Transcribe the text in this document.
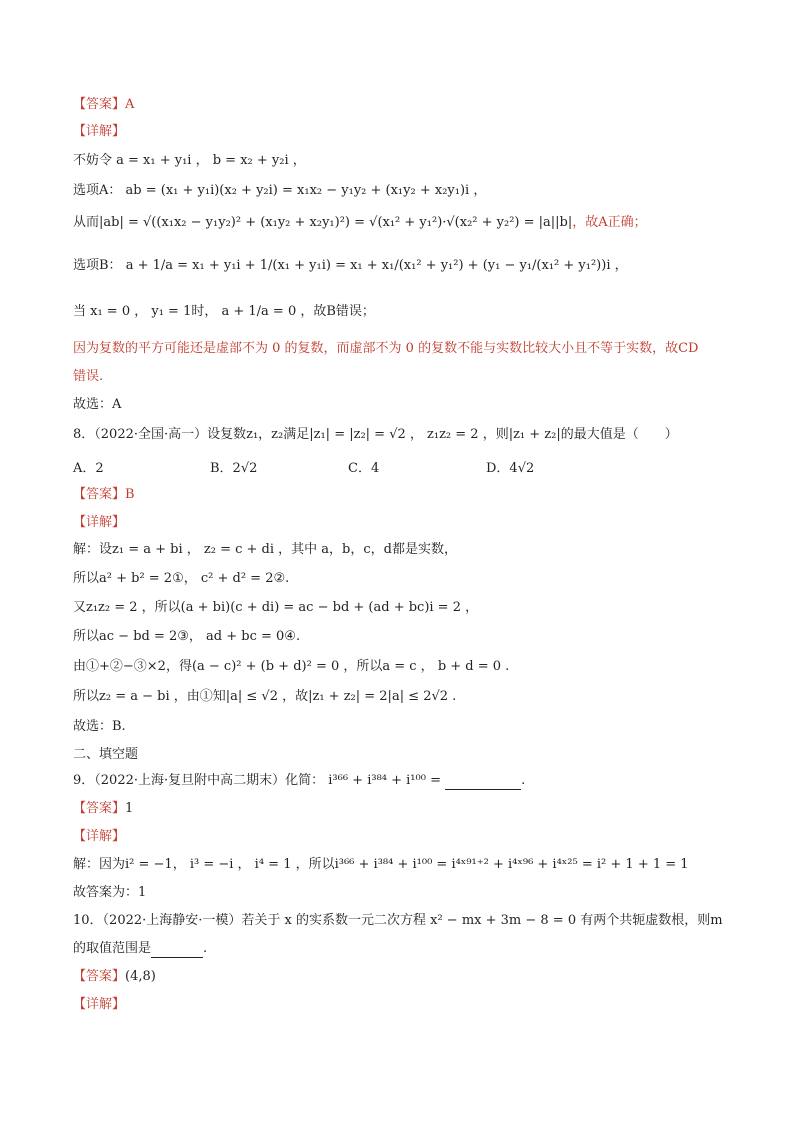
【答案】A
【详解】
不妨令 a = x₁ + y₁i ， b = x₂ + y₂i ，
选项A： ab = (x₁ + y₁i)(x₂ + y₂i) = x₁x₂ − y₁y₂ + (x₁y₂ + x₂y₁)i ，
从而|ab| = √((x₁x₂ − y₁y₂)² + (x₁y₂ + x₂y₁)²) = √(x₁² + y₁²)·√(x₂² + y₂²) = |a||b|，故A正确；
选项B： a + 1/a = x₁ + y₁i + 1/(x₁ + y₁i) = x₁ + x₁/(x₁² + y₁²) + (y₁ − y₁/(x₁² + y₁²))i ，
当 x₁ = 0 ， y₁ = 1时， a + 1/a = 0 ，故B错误；
因为复数的平方可能还是虚部不为 0 的复数，而虚部不为 0 的复数不能与实数比较大小且不等于实数，故CD
错误.
故选：A
8．（2022·全国·高一）设复数z₁，z₂满足|z₁| = |z₂| = √2 ， z₁z₂ = 2 ，则|z₁ + z₂|的最大值是（　　）
A．2	B．2√2	C．4	D．4√2
【答案】B
【详解】
解：设z₁ = a + bi ， z₂ = c + di ，其中 a，b，c，d都是实数，
所以a² + b² = 2①， c² + d² = 2②.
又z₁z₂ = 2 ，所以(a + bi)(c + di) = ac − bd + (ad + bc)i = 2 ，
所以ac − bd = 2③， ad + bc = 0④.
由①+②−③×2，得(a − c)² + (b + d)² = 0 ，所以a = c ， b + d = 0 .
所以z₂ = a − bi ，由①知|a| ≤ √2 ，故|z₁ + z₂| = 2|a| ≤ 2√2 .
故选：B.
二、填空题
9．（2022·上海·复旦附中高二期末）化简： i³⁶⁶ + i³⁸⁴ + i¹⁰⁰ =	.
【答案】1
【详解】
解：因为i² = −1， i³ = −i ， i⁴ = 1 ，所以i³⁶⁶ + i³⁸⁴ + i¹⁰⁰ = i⁴ˣ⁹¹⁺² + i⁴ˣ⁹⁶ + i⁴ˣ²⁵ = i² + 1 + 1 = 1
故答案为：1
10．（2022·上海静安·一模）若关于 x 的实系数一元二次方程 x² − mx + 3m − 8 = 0 有两个共轭虚数根，则m
的取值范围是	.
【答案】(4,8)
【详解】
